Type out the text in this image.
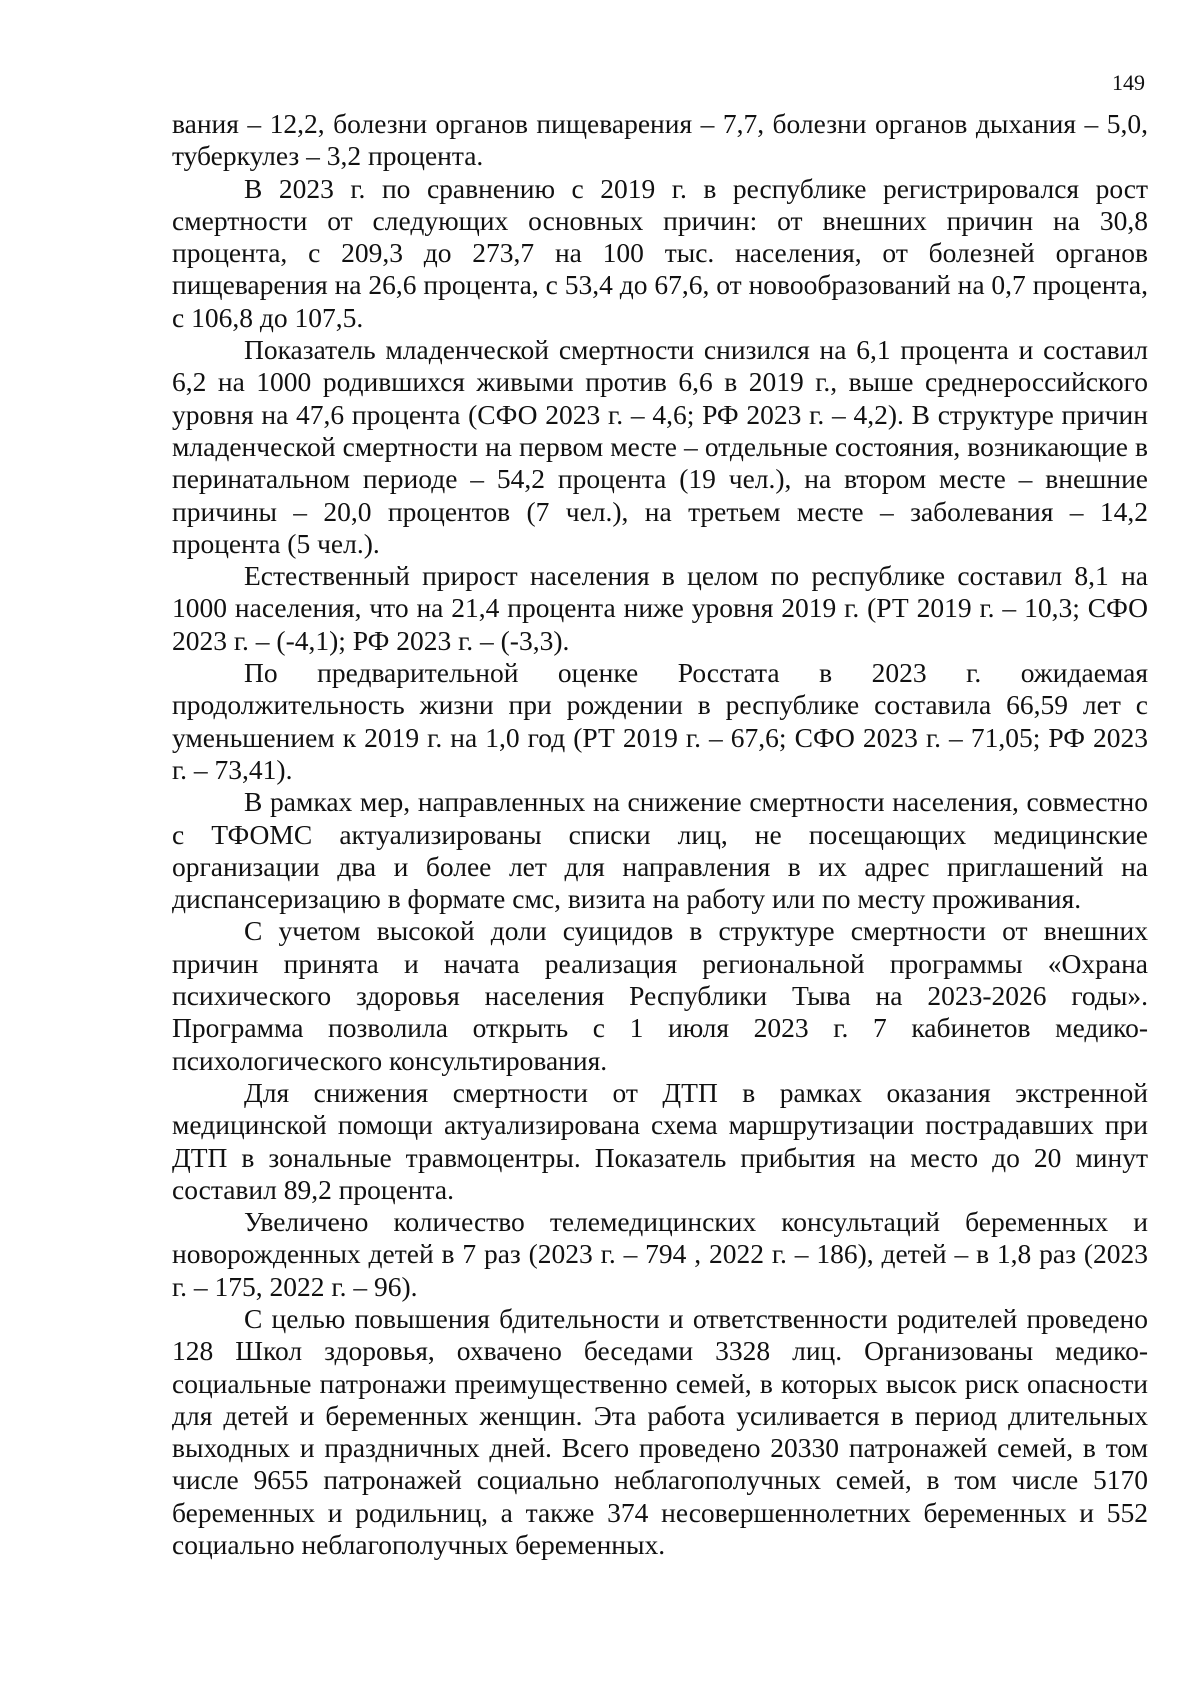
149

вания – 12,2, болезни органов пищеварения – 7,7, болезни органов дыхания – 5,0, туберкулез – 3,2 процента.

В 2023 г. по сравнению с 2019 г. в республике регистрировался рост смертности от следующих основных причин: от внешних причин на 30,8 процента, с 209,3 до 273,7 на 100 тыс. населения, от болезней органов пищеварения на 26,6 процента, с 53,4 до 67,6, от новообразований на 0,7 процента, с 106,8 до 107,5.

Показатель младенческой смертности снизился на 6,1 процента и составил 6,2 на 1000 родившихся живыми против 6,6 в 2019 г., выше среднероссийского уровня на 47,6 процента (СФО 2023 г. – 4,6; РФ 2023 г. – 4,2). В структуре причин младенческой смертности на первом месте – отдельные состояния, возникающие в перинатальном периоде – 54,2 процента (19 чел.), на втором месте – внешние причины – 20,0 процентов (7 чел.), на третьем месте – заболевания – 14,2 процента (5 чел.).

Естественный прирост населения в целом по республике составил 8,1 на 1000 населения, что на 21,4 процента ниже уровня 2019 г. (РТ 2019 г. – 10,3; СФО 2023 г. – (-4,1); РФ 2023 г. – (-3,3).

По предварительной оценке Росстата в 2023 г. ожидаемая продолжительность жизни при рождении в республике составила 66,59 лет с уменьшением к 2019 г. на 1,0 год (РТ 2019 г. – 67,6; СФО 2023 г. – 71,05; РФ 2023 г. – 73,41).

В рамках мер, направленных на снижение смертности населения, совместно с ТФОМС актуализированы списки лиц, не посещающих медицинские организации два и более лет для направления в их адрес приглашений на диспансеризацию в формате смс, визита на работу или по месту проживания.

С учетом высокой доли суицидов в структуре смертности от внешних причин принята и начата реализация региональной программы «Охрана психического здоровья населения Республики Тыва на 2023-2026 годы». Программа позволила открыть с 1 июля 2023 г. 7 кабинетов медико-психологического консультирования.

Для снижения смертности от ДТП в рамках оказания экстренной медицинской помощи актуализирована схема маршрутизации пострадавших при ДТП в зональные травмоцентры. Показатель прибытия на место до 20 минут составил 89,2 процента.

Увеличено количество телемедицинских консультаций беременных и новорожденных детей в 7 раз (2023 г. – 794 , 2022 г. – 186), детей – в 1,8 раз (2023 г. – 175, 2022 г. – 96).

С целью повышения бдительности и ответственности родителей проведено 128 Школ здоровья, охвачено беседами 3328 лиц. Организованы медико-социальные патронажи преимущественно семей, в которых высок риск опасности для детей и беременных женщин. Эта работа усиливается в период длительных выходных и праздничных дней. Всего проведено 20330 патронажей семей, в том числе 9655 патронажей социально неблагополучных семей, в том числе 5170 беременных и родильниц, а также 374 несовершеннолетних беременных и 552 социально неблагополучных беременных.
